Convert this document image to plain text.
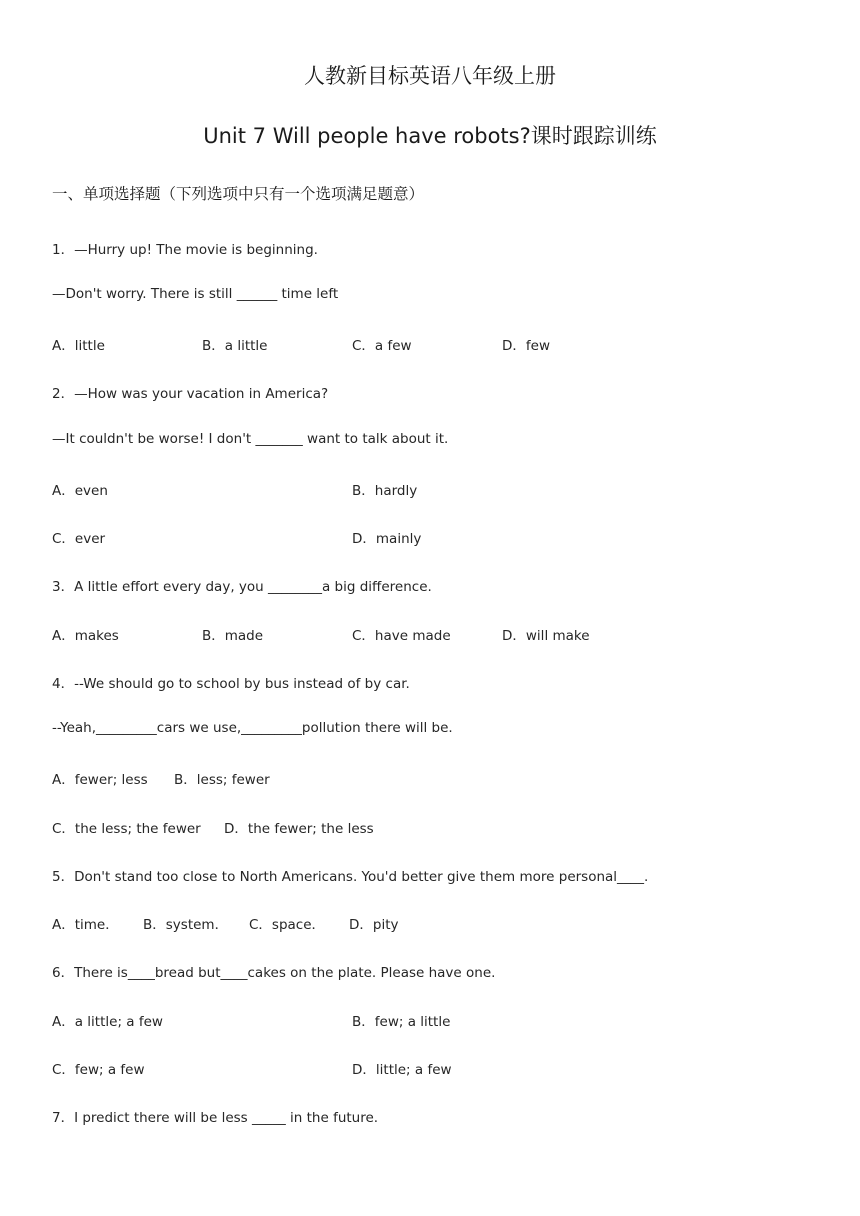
人教新目标英语八年级上册
Unit 7 Will people have robots?课时跟踪训练
一、单项选择题（下列选项中只有一个选项满足题意）
1．—Hurry up! The movie is beginning.
—Don't worry. There is still ______ time left
A．little	B．a little	C．a few	D．few
2．—How was your vacation in America?
—It couldn't be worse! I don't _______ want to talk about it.
A．even	B．hardly
C．ever	D．mainly
3．A little effort every day, you ________a big difference.
A．makes	B．made	C．have made	D．will make
4．--We should go to school by bus instead of by car.
--Yeah,_________cars we use,_________pollution there will be.
A．fewer; less B．less; fewer
C．the less; the fewer D．the fewer; the less
5．Don't stand too close to North Americans. You'd better give them more personal____.
A．time． B．system． C．space． D．pity
6．There is____bread but____cakes on the plate. Please have one.
A．a little; a few	B．few; a little
C．few; a few	D．little; a few
7．I predict there will be less _____ in the future.
